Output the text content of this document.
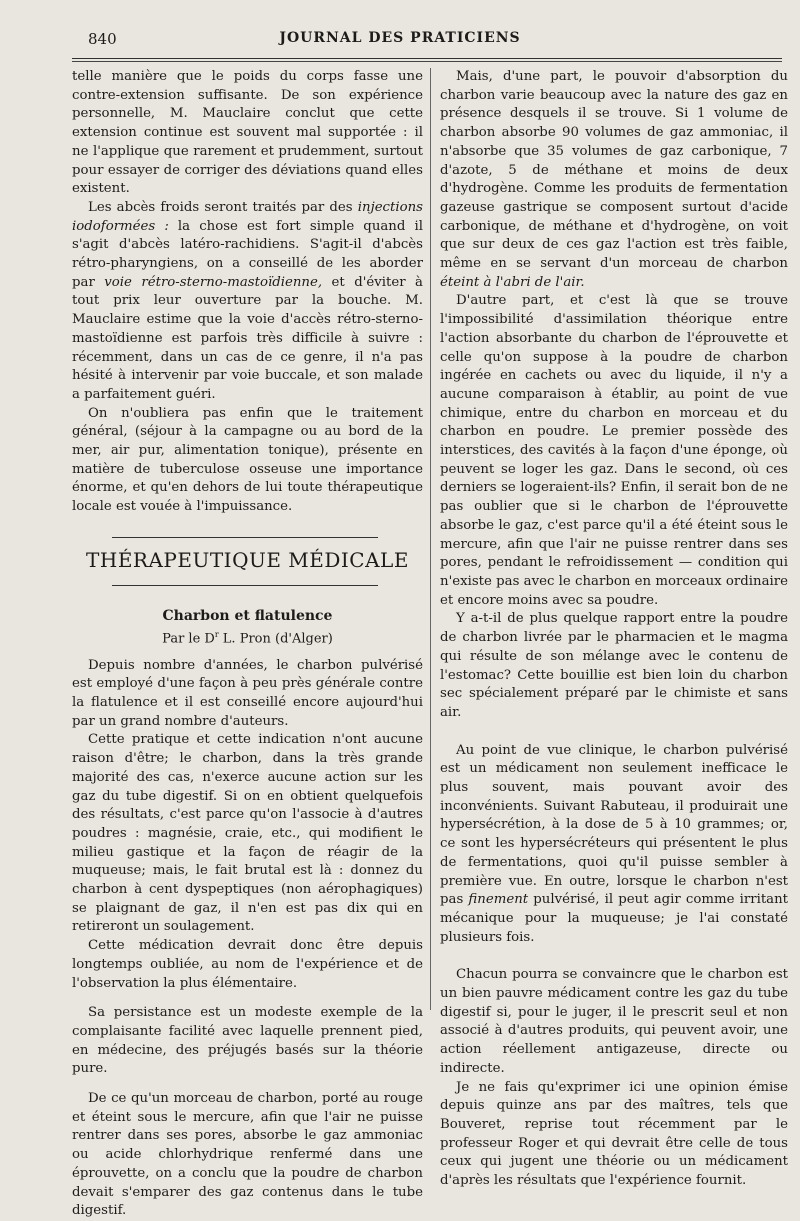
840	JOURNAL DES PRATICIENS

telle manière que le poids du corps fasse une contre-extension suffisante. De son expérience personnelle, M. Mauclaire conclut que cette extension continue est souvent mal supportée : il ne l'applique que rarement et prudemment, surtout pour essayer de corriger des déviations quand elles existent.

Les abcès froids seront traités par des injections iodoformées : la chose est fort simple quand il s'agit d'abcès latéro-rachidiens. S'agit-il d'abcès rétro-pharyngiens, on a conseillé de les aborder par voie rétro-sterno-mastoïdienne, et d'éviter à tout prix leur ouverture par la bouche. M. Mauclaire estime que la voie d'accès rétro-sterno-mastoïdienne est parfois très difficile à suivre : récemment, dans un cas de ce genre, il n'a pas hésité à intervenir par voie buccale, et son malade a parfaitement guéri.

On n'oubliera pas enfin que le traitement général, (séjour à la campagne ou au bord de la mer, air pur, alimentation tonique), présente en matière de tuberculose osseuse une importance énorme, et qu'en dehors de lui toute thérapeutique locale est vouée à l'impuissance.

THÉRAPEUTIQUE MÉDICALE
Charbon et flatulence
Par le $D^r$ L. Pron (d'Alger)

Depuis nombre d'années, le charbon pulvérisé est employé d'une façon à peu près générale contre la flatulence et il est conseillé encore aujourd'hui par un grand nombre d'auteurs.

Cette pratique et cette indication n'ont aucune raison d'être; le charbon, dans la très grande majorité des cas, n'exerce aucune action sur les gaz du tube digestif. Si on en obtient quelquefois des résultats, c'est parce qu'on l'associe à d'autres poudres : magnésie, craie, etc., qui modifient le milieu gastique et la façon de réagir de la muqueuse; mais, le fait brutal est là : donnez du charbon à cent dyspeptiques (non aérophagiques) se plaignant de gaz, il n'en est pas dix qui en retireront un soulagement.

Cette médication devrait donc être depuis longtemps oubliée, au nom de l'expérience et de l'observation la plus élémentaire.

Sa persistance est un modeste exemple de la complaisante facilité avec laquelle prennent pied, en médecine, des préjugés basés sur la théorie pure.

De ce qu'un morceau de charbon, porté au rouge et éteint sous le mercure, afin que l'air ne puisse rentrer dans ses pores, absorbe le gaz ammoniac ou acide chlorhydrique renfermé dans une éprouvette, on a conclu que la poudre de charbon devait s'emparer des gaz contenus dans le tube digestif.

Mais, d'une part, le pouvoir d'absorption du charbon varie beaucoup avec la nature des gaz en présence desquels il se trouve. Si 1 volume de charbon absorbe 90 volumes de gaz ammoniac, il n'absorbe que 35 volumes de gaz carbonique, 7 d'azote, 5 de méthane et moins de deux d'hydrogène. Comme les produits de fermentation gazeuse gastrique se composent surtout d'acide carbonique, de méthane et d'hydrogène, on voit que sur deux de ces gaz l'action est très faible, même en se servant d'un morceau de charbon éteint à l'abri de l'air.

D'autre part, et c'est là que se trouve l'impossibilité d'assimilation théorique entre l'action absorbante du charbon de l'éprouvette et celle qu'on suppose à la poudre de charbon ingérée en cachets ou avec du liquide, il n'y a aucune comparaison à établir, au point de vue chimique, entre du charbon en morceau et du charbon en poudre. Le premier possède des interstices, des cavités à la façon d'une éponge, où peuvent se loger les gaz. Dans le second, où ces derniers se logeraient-ils? Enfin, il serait bon de ne pas oublier que si le charbon de l'éprouvette absorbe le gaz, c'est parce qu'il a été éteint sous le mercure, afin que l'air ne puisse rentrer dans ses pores, pendant le refroidissement — condition qui n'existe pas avec le charbon en morceaux ordinaire et encore moins avec sa poudre.

Y a-t-il de plus quelque rapport entre la poudre de charbon livrée par le pharmacien et le magma qui résulte de son mélange avec le contenu de l'estomac? Cette bouillie est bien loin du charbon sec spécialement préparé par le chimiste et sans air.

Au point de vue clinique, le charbon pulvérisé est un médicament non seulement inefficace le plus souvent, mais pouvant avoir des inconvénients. Suivant Rabuteau, il produirait une hypersécrétion, à la dose de 5 à 10 grammes; or, ce sont les hypersécréteurs qui présentent le plus de fermentations, quoi qu'il puisse sembler à première vue. En outre, lorsque le charbon n'est pas finement pulvérisé, il peut agir comme irritant mécanique pour la muqueuse; je l'ai constaté plusieurs fois.

Chacun pourra se convaincre que le charbon est un bien pauvre médicament contre les gaz du tube digestif si, pour le juger, il le prescrit seul et non associé à d'autres produits, qui peuvent avoir, une action réellement antigazeuse, directe ou indirecte.

Je ne fais qu'exprimer ici une opinion émise depuis quinze ans par des maîtres, tels que Bouveret, reprise tout récemment par le professeur Roger et qui devrait être celle de tous ceux qui jugent une théorie ou un médicament d'après les résultats que l'expérience fournit.
